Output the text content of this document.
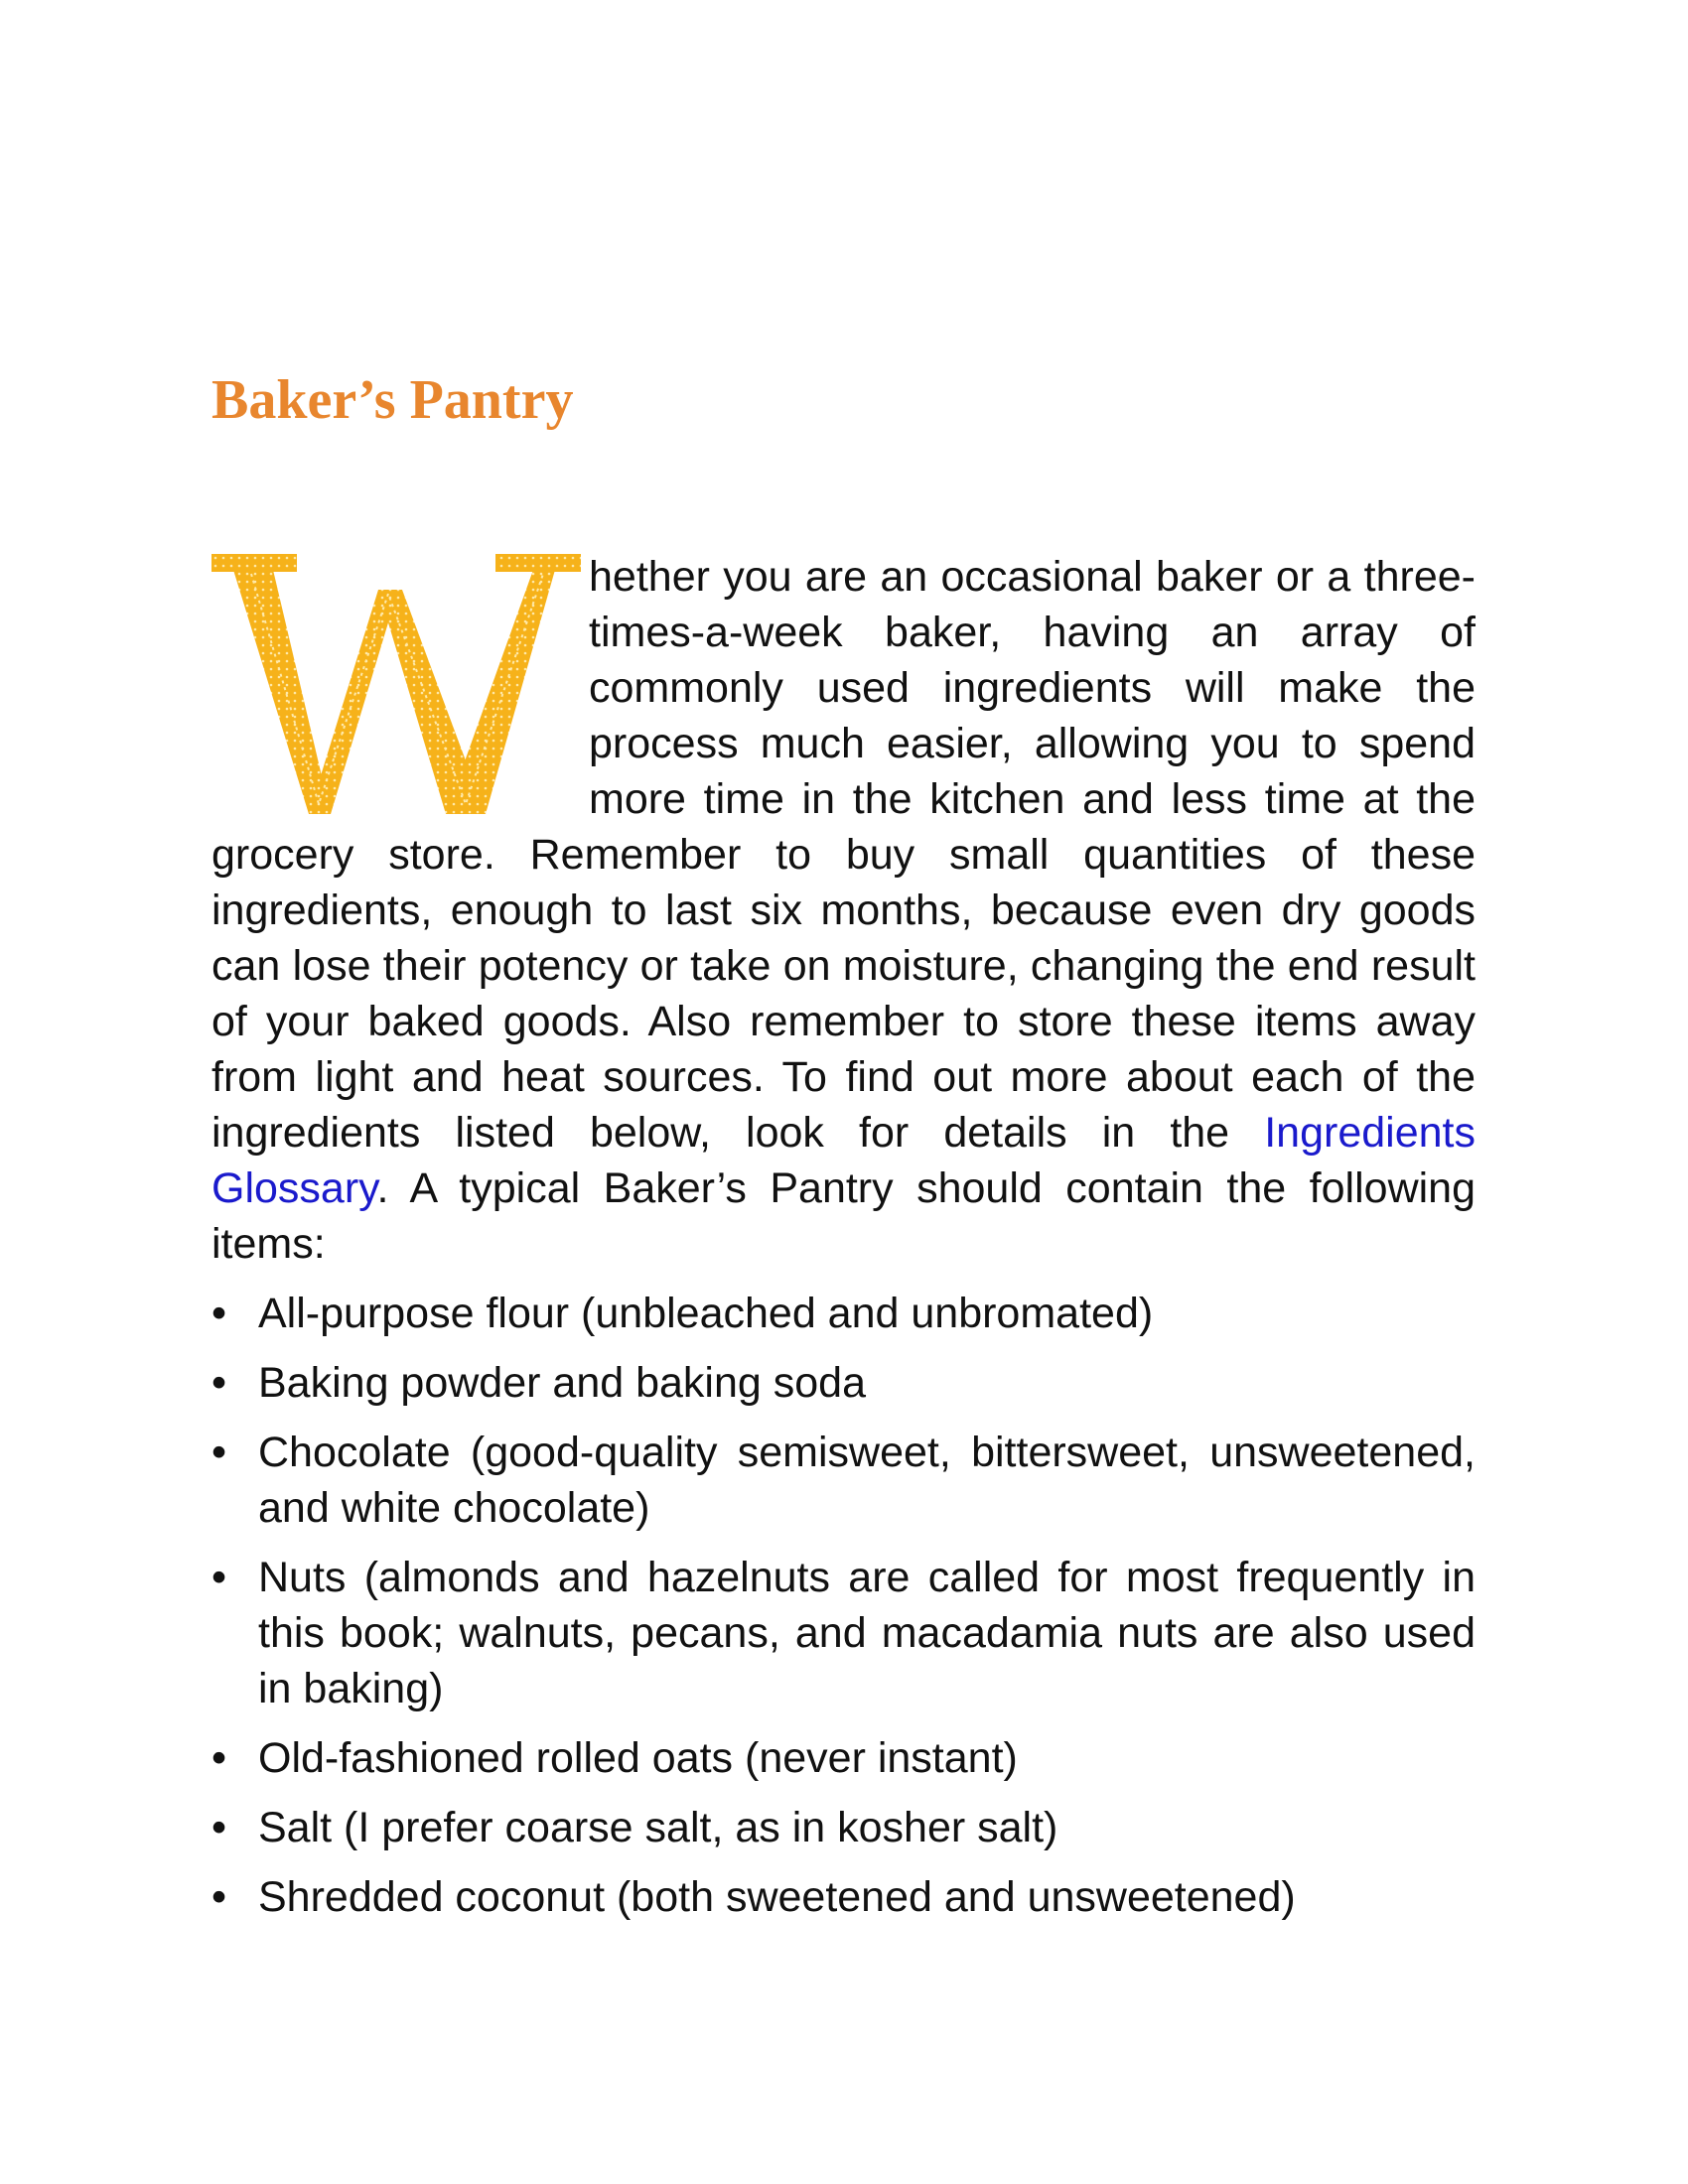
Baker’s Pantry

hether you are an occasional baker or a three-times-a-week baker, having an array of commonly used ingredients will make the process much easier, allowing you to spend more time in the kitchen and less time at the grocery store. Remember to buy small quantities of these ingredients, enough to last six months, because even dry goods can lose their potency or take on moisture, changing the end result of your baked goods. Also remember to store these items away from light and heat sources. To find out more about each of the ingredients listed below, look for details in the Ingredients Glossary. A typical Baker’s Pantry should contain the following items:

• All-purpose flour (unbleached and unbromated)
• Baking powder and baking soda
• Chocolate (good-quality semisweet, bittersweet, unsweetened, and white chocolate)
• Nuts (almonds and hazelnuts are called for most frequently in this book; walnuts, pecans, and macadamia nuts are also used in baking)
• Old-fashioned rolled oats (never instant)
• Salt (I prefer coarse salt, as in kosher salt)
• Shredded coconut (both sweetened and unsweetened)
